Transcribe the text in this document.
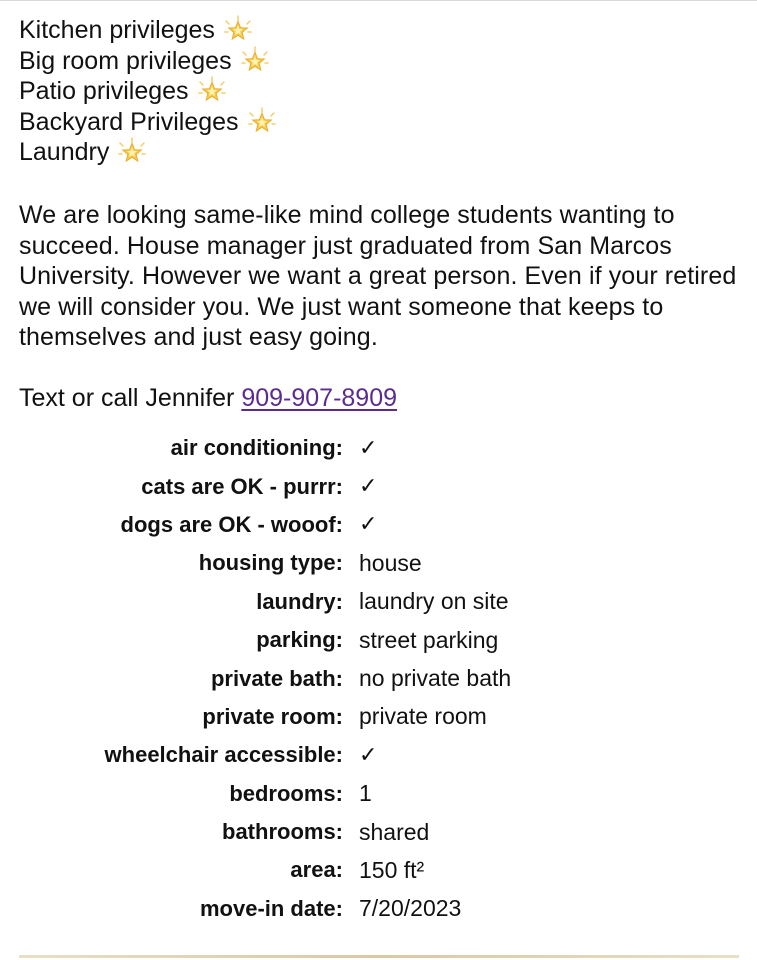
Kitchen privileges
Big room privileges
Patio privileges
Backyard Privileges
Laundry
We are looking same-like mind college students wanting to succeed. House manager just graduated from San Marcos University. However we want a great person. Even if your retired we will consider you. We just want someone that keeps to themselves and just easy going.
Text or call Jennifer 909-907-8909
air conditioning: ✓
cats are OK - purrr: ✓
dogs are OK - wooof: ✓
housing type: house
laundry: laundry on site
parking: street parking
private bath: no private bath
private room: private room
wheelchair accessible: ✓
bedrooms: 1
bathrooms: shared
area: 150 ft²
move-in date: 7/20/2023
